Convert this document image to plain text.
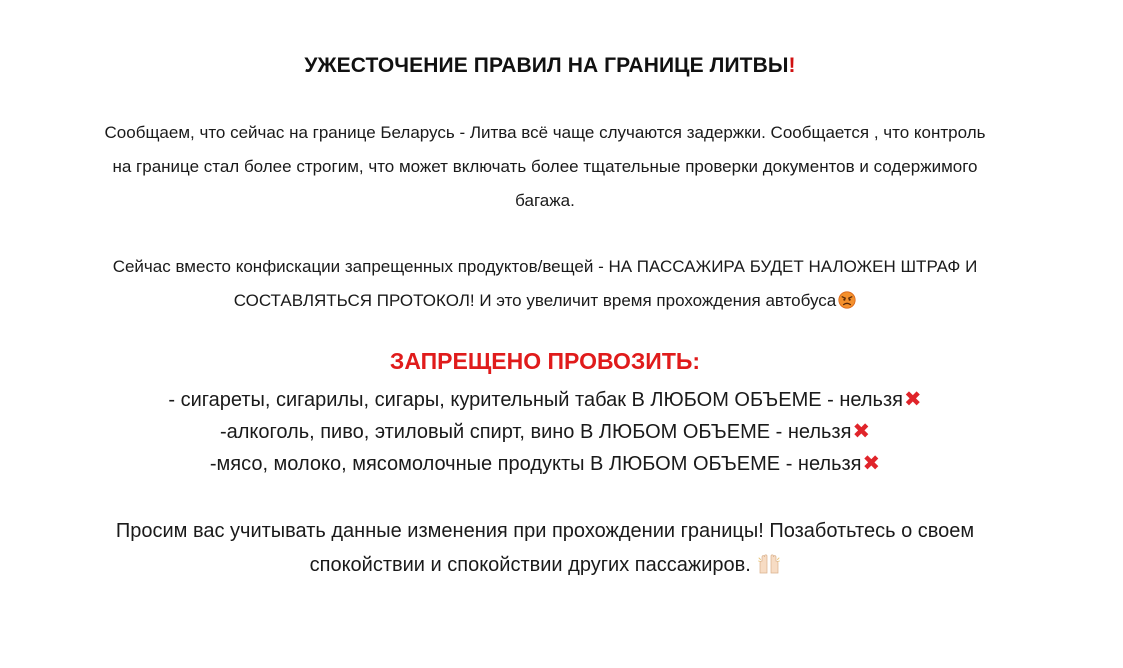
УЖЕСТОЧЕНИЕ ПРАВИЛ НА ГРАНИЦЕ ЛИТВЫ!
Сообщаем, что сейчас на границе Беларусь - Литва всё чаще случаются задержки. Сообщается , что контроль
на границе стал более строгим, что может включать более тщательные проверки документов и содержимого
багажа.
Сейчас вместо конфискации запрещенных продуктов/вещей - НА ПАССАЖИРА БУДЕТ НАЛОЖЕН ШТРАФ И
СОСТАВЛЯТЬСЯ ПРОТОКОЛ! И это увеличит время прохождения автобуса
ЗАПРЕЩЕНО ПРОВОЗИТЬ:
- сигареты, сигарилы, сигары, курительный табак В ЛЮБОМ ОБЪЕМЕ - нельзя✖
-алкоголь, пиво, этиловый спирт, вино В ЛЮБОМ ОБЪЕМЕ - нельзя✖
-мясо, молоко, мясомолочные продукты В ЛЮБОМ ОБЪЕМЕ - нельзя✖
Просим вас учитывать данные изменения при прохождении границы! Позаботьтесь о своем
спокойствии и спокойствии других пассажиров.
